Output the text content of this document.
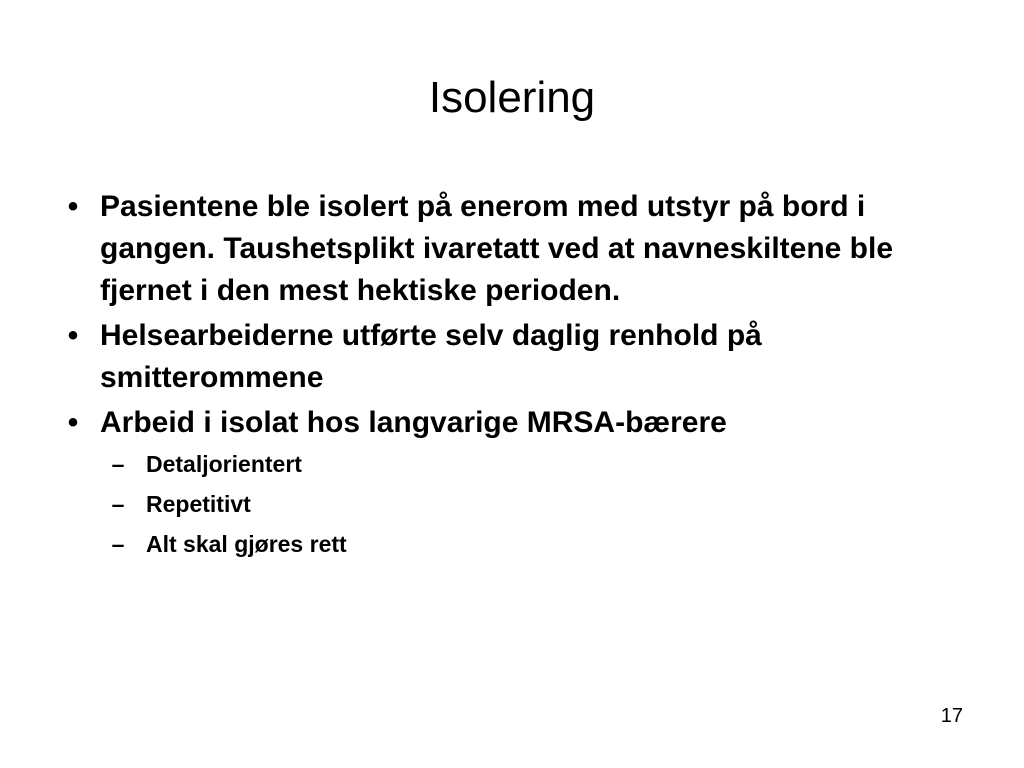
Isolering
• Pasientene ble isolert på enerom med utstyr på bord i gangen. Taushetsplikt ivaretatt ved at navneskiltene ble fjernet i den mest hektiske perioden.
• Helsearbeiderne utførte selv daglig renhold på smitterommene
• Arbeid i isolat hos langvarige MRSA-bærere
– Detaljorientert
– Repetitivt
– Alt skal gjøres rett
17
